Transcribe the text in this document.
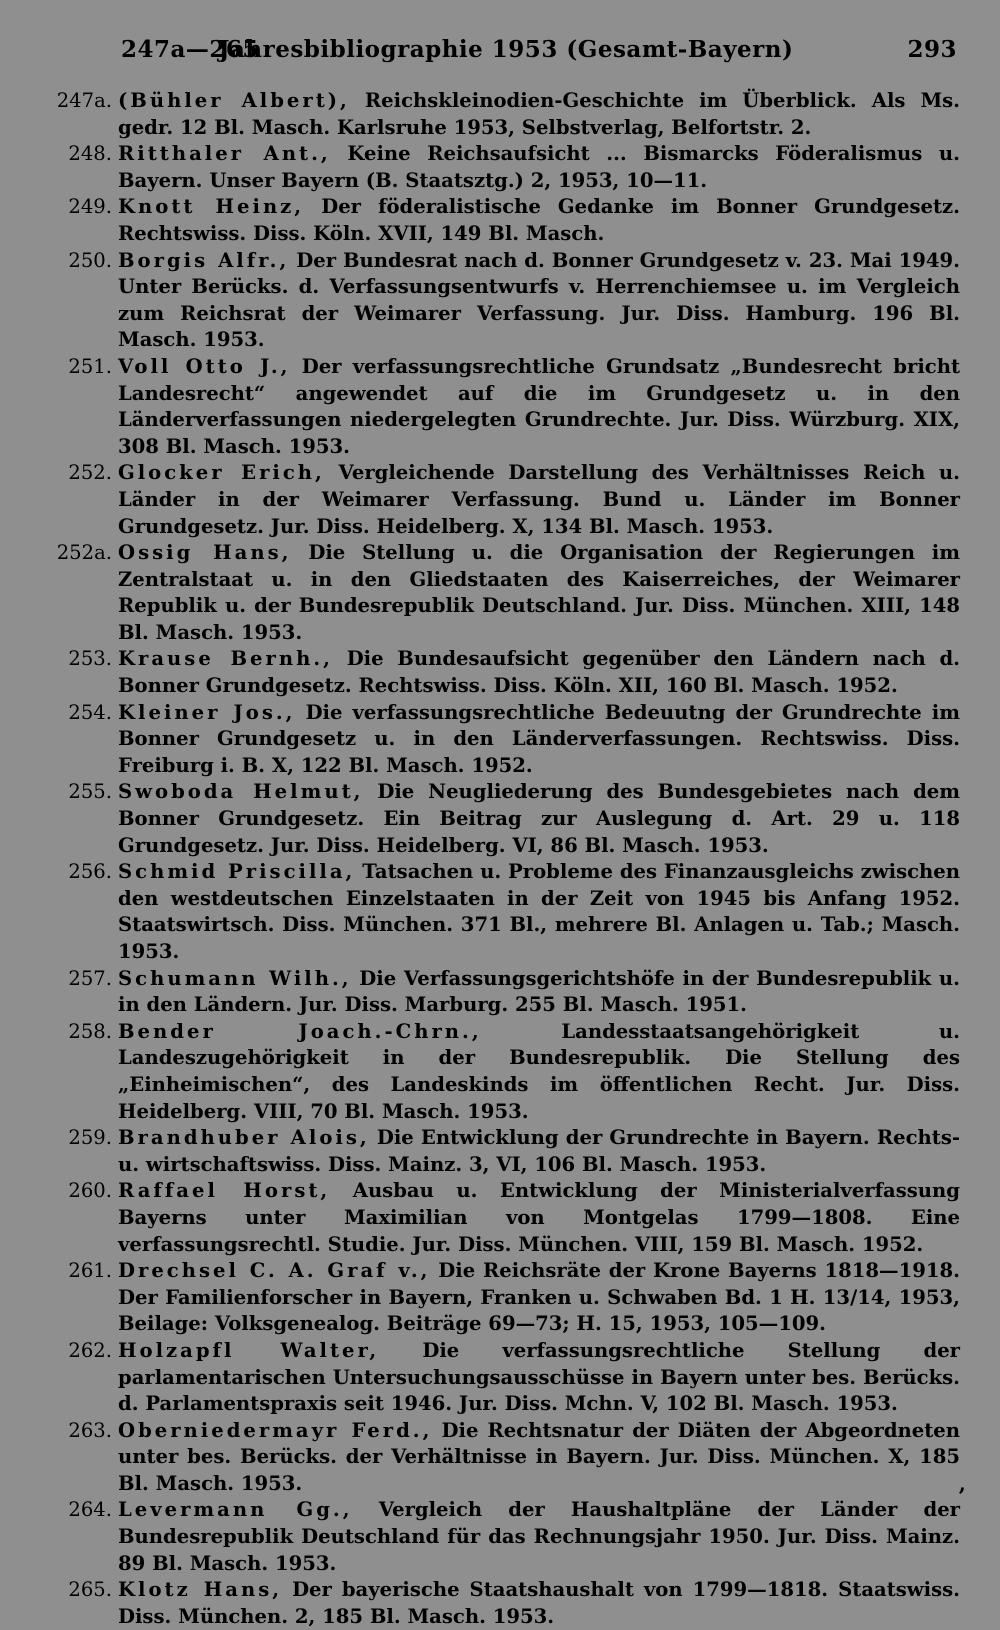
247a—265
Jahresbibliographie 1953 (Gesamt-Bayern)	293
247a. (Bühler Albert), Reichskleinodien-Geschichte im Überblick. Als Ms. gedr. 12 Bl. Masch. Karlsruhe 1953, Selbstverlag, Belfortstr. 2.
248. Ritthaler Ant., Keine Reichsaufsicht ... Bismarcks Föderalismus u. Bayern. Unser Bayern (B. Staatsztg.) 2, 1953, 10—11.
249. Knott Heinz, Der föderalistische Gedanke im Bonner Grundgesetz. Rechtswiss. Diss. Köln. XVII, 149 Bl. Masch.
250. Borgis Alfr., Der Bundesrat nach d. Bonner Grundgesetz v. 23. Mai 1949. Unter Berücks. d. Verfassungsentwurfs v. Herrenchiemsee u. im Vergleich zum Reichsrat der Weimarer Verfassung. Jur. Diss. Hamburg. 196 Bl. Masch. 1953.
251. Voll Otto J., Der verfassungsrechtliche Grundsatz „Bundesrecht bricht Landesrecht“ angewendet auf die im Grundgesetz u. in den Länderverfassungen niedergelegten Grundrechte. Jur. Diss. Würzburg. XIX, 308 Bl. Masch. 1953.
252. Glocker Erich, Vergleichende Darstellung des Verhältnisses Reich u. Länder in der Weimarer Verfassung. Bund u. Länder im Bonner Grundgesetz. Jur. Diss. Heidelberg. X, 134 Bl. Masch. 1953.
252a. Ossig Hans, Die Stellung u. die Organisation der Regierungen im Zentralstaat u. in den Gliedstaaten des Kaiserreiches, der Weimarer Republik u. der Bundesrepublik Deutschland. Jur. Diss. München. XIII, 148 Bl. Masch. 1953.
253. Krause Bernh., Die Bundesaufsicht gegenüber den Ländern nach d. Bonner Grundgesetz. Rechtswiss. Diss. Köln. XII, 160 Bl. Masch. 1952.
254. Kleiner Jos., Die verfassungsrechtliche Bedeuutng der Grundrechte im Bonner Grundgesetz u. in den Länderverfassungen. Rechtswiss. Diss. Freiburg i. B. X, 122 Bl. Masch. 1952.
255. Swoboda Helmut, Die Neugliederung des Bundesgebietes nach dem Bonner Grundgesetz. Ein Beitrag zur Auslegung d. Art. 29 u. 118 Grundgesetz. Jur. Diss. Heidelberg. VI, 86 Bl. Masch. 1953.
256. Schmid Priscilla, Tatsachen u. Probleme des Finanzausgleichs zwischen den westdeutschen Einzelstaaten in der Zeit von 1945 bis Anfang 1952. Staatswirtsch. Diss. München. 371 Bl., mehrere Bl. Anlagen u. Tab.; Masch. 1953.
257. Schumann Wilh., Die Verfassungsgerichtshöfe in der Bundesrepublik u. in den Ländern. Jur. Diss. Marburg. 255 Bl. Masch. 1951.
258. Bender Joach.-Chrn., Landesstaatsangehörigkeit u. Landeszugehörigkeit in der Bundesrepublik. Die Stellung des „Einheimischen“, des Landeskinds im öffentlichen Recht. Jur. Diss. Heidelberg. VIII, 70 Bl. Masch. 1953.
259. Brandhuber Alois, Die Entwicklung der Grundrechte in Bayern. Rechts- u. wirtschaftswiss. Diss. Mainz. 3, VI, 106 Bl. Masch. 1953.
260. Raffael Horst, Ausbau u. Entwicklung der Ministerialverfassung Bayerns unter Maximilian von Montgelas 1799—1808. Eine verfassungsrechtl. Studie. Jur. Diss. München. VIII, 159 Bl. Masch. 1952.
261. Drechsel C. A. Graf v., Die Reichsräte der Krone Bayerns 1818—1918. Der Familienforscher in Bayern, Franken u. Schwaben Bd. 1 H. 13/14, 1953, Beilage: Volksgenealog. Beiträge 69—73; H. 15, 1953, 105—109.
262. Holzapfl Walter, Die verfassungsrechtliche Stellung der parlamentarischen Untersuchungsausschüsse in Bayern unter bes. Berücks. d. Parlamentspraxis seit 1946. Jur. Diss. Mchn. V, 102 Bl. Masch. 1953.
263. Oberniedermayr Ferd., Die Rechtsnatur der Diäten der Abgeordneten unter bes. Berücks. der Verhältnisse in Bayern. Jur. Diss. München. X, 185 Bl. Masch. 1953.
264. Levermann Gg., Vergleich der Haushaltpläne der Länder der Bundesrepublik Deutschland für das Rechnungsjahr 1950. Jur. Diss. Mainz. 89 Bl. Masch. 1953.
265. Klotz Hans, Der bayerische Staatshaushalt von 1799—1818. Staatswiss. Diss. München. 2, 185 Bl. Masch. 1953.
’
